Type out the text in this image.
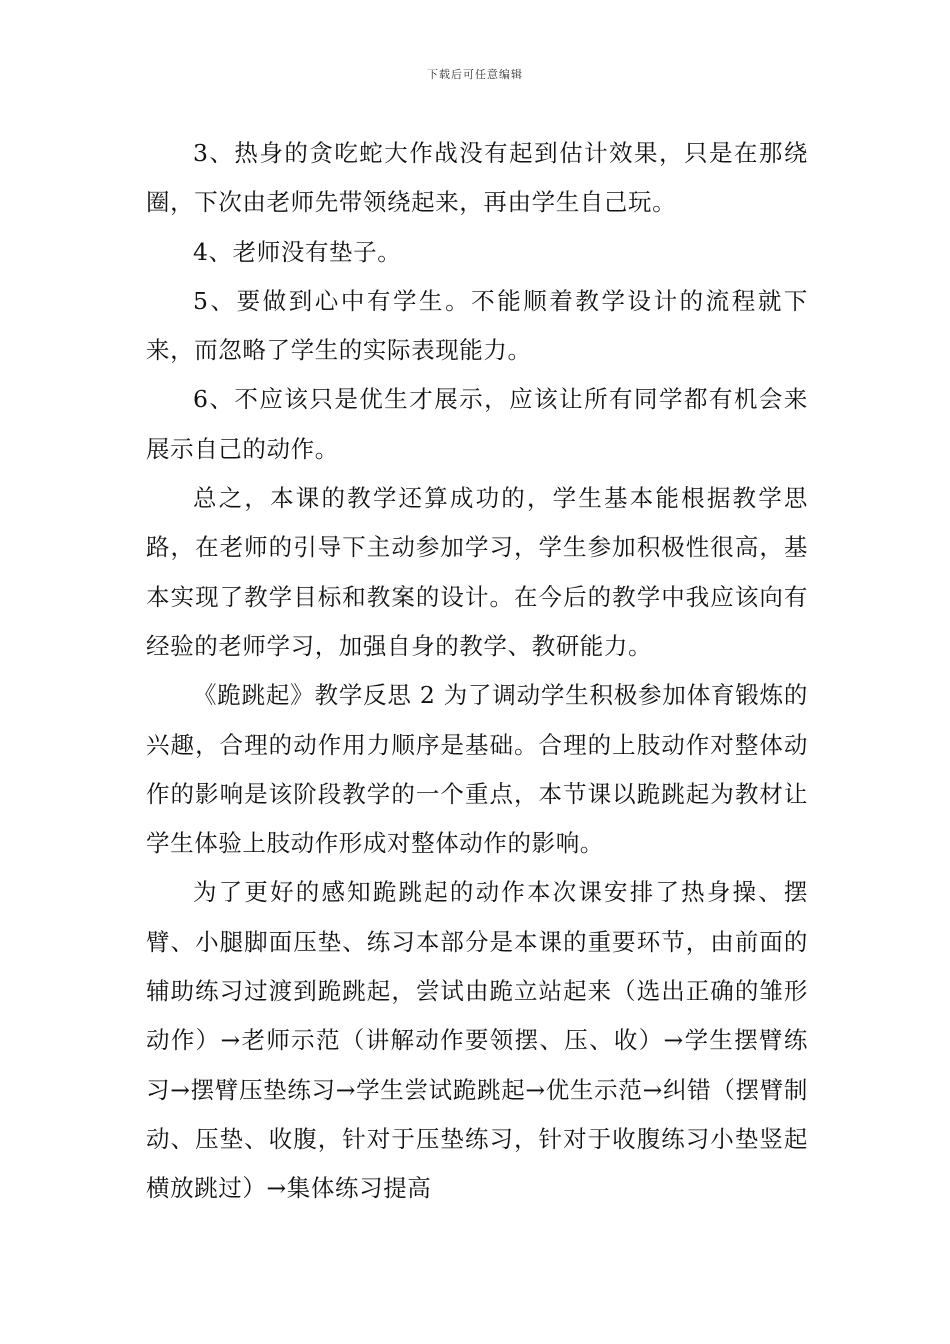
下载后可任意编辑

3、热身的贪吃蛇大作战没有起到估计效果，只是在那绕圈，下次由老师先带领绕起来，再由学生自己玩。

4、老师没有垫子。

5、要做到心中有学生。不能顺着教学设计的流程就下来，而忽略了学生的实际表现能力。

6、不应该只是优生才展示，应该让所有同学都有机会来展示自己的动作。

总之，本课的教学还算成功的，学生基本能根据教学思路，在老师的引导下主动参加学习，学生参加积极性很高，基本实现了教学目标和教案的设计。在今后的教学中我应该向有经验的老师学习，加强自身的教学、教研能力。

《跪跳起》教学反思 2 为了调动学生积极参加体育锻炼的兴趣，合理的动作用力顺序是基础。合理的上肢动作对整体动作的影响是该阶段教学的一个重点，本节课以跪跳起为教材让学生体验上肢动作形成对整体动作的影响。

为了更好的感知跪跳起的动作本次课安排了热身操、摆臂、小腿脚面压垫、练习本部分是本课的重要环节，由前面的辅助练习过渡到跪跳起，尝试由跪立站起来（选出正确的雏形动作）→老师示范（讲解动作要领摆、压、收）→学生摆臂练习→摆臂压垫练习→学生尝试跪跳起→优生示范→纠错（摆臂制动、压垫、收腹，针对于压垫练习，针对于收腹练习小垫竖起横放跳过）→集体练习提高
